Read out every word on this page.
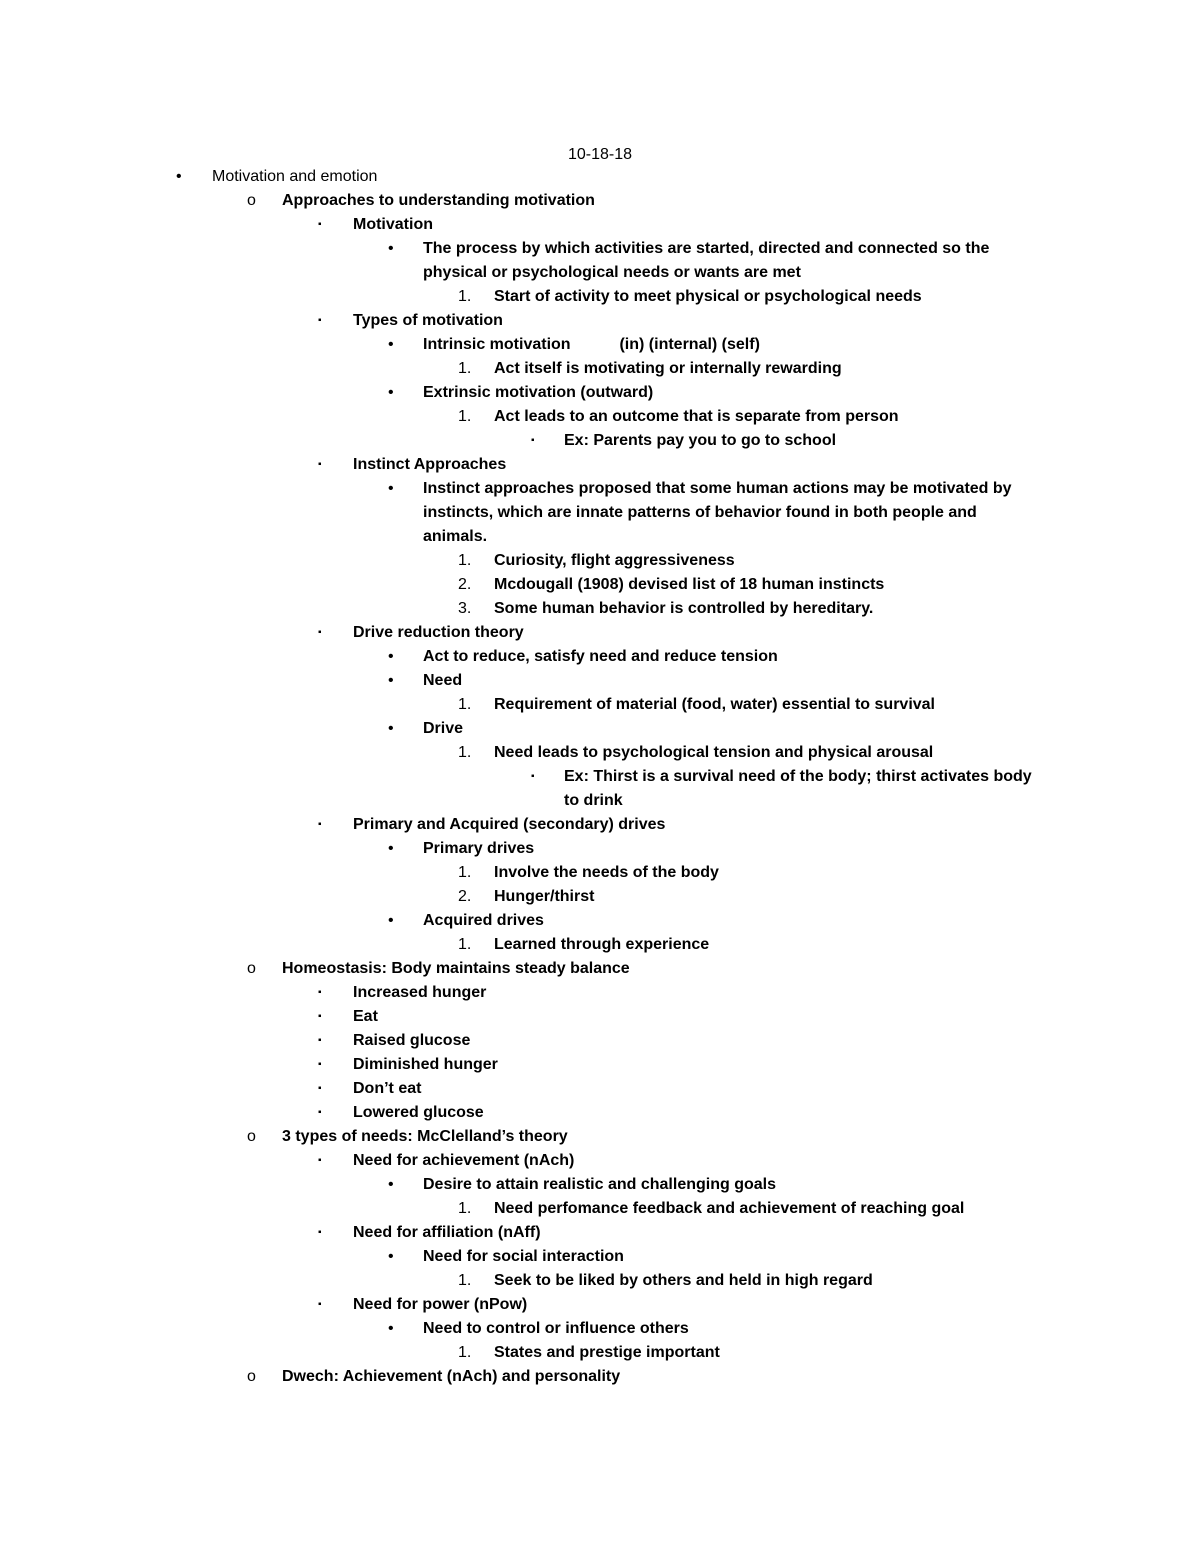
10-18-18
• Motivation and emotion
o Approaches to understanding motivation
▪ Motivation
• The process by which activities are started, directed and connected so the
physical or psychological needs or wants are met
1. Start of activity to meet physical or psychological needs
▪ Types of motivation
• Intrinsic motivation           (in) (internal) (self)
1. Act itself is motivating or internally rewarding
• Extrinsic motivation (outward)
1. Act leads to an outcome that is separate from person
▪ Ex: Parents pay you to go to school
▪ Instinct Approaches
• Instinct approaches proposed that some human actions may be motivated by
instincts, which are innate patterns of behavior found in both people and
animals.
1. Curiosity, flight aggressiveness
2. Mcdougall (1908) devised list of 18 human instincts
3. Some human behavior is controlled by hereditary.
▪ Drive reduction theory
• Act to reduce, satisfy need and reduce tension
• Need
1. Requirement of material (food, water) essential to survival
• Drive
1. Need leads to psychological tension and physical arousal
▪ Ex: Thirst is a survival need of the body; thirst activates body
to drink
▪ Primary and Acquired (secondary) drives
• Primary drives
1. Involve the needs of the body
2. Hunger/thirst
• Acquired drives
1. Learned through experience
o Homeostasis: Body maintains steady balance
▪ Increased hunger
▪ Eat
▪ Raised glucose
▪ Diminished hunger
▪ Don’t eat
▪ Lowered glucose
o 3 types of needs: McClelland’s theory
▪ Need for achievement (nAch)
• Desire to attain realistic and challenging goals
1. Need perfomance feedback and achievement of reaching goal
▪ Need for affiliation (nAff)
• Need for social interaction
1. Seek to be liked by others and held in high regard
▪ Need for power (nPow)
• Need to control or influence others
1. States and prestige important
o Dwech: Achievement (nAch) and personality
